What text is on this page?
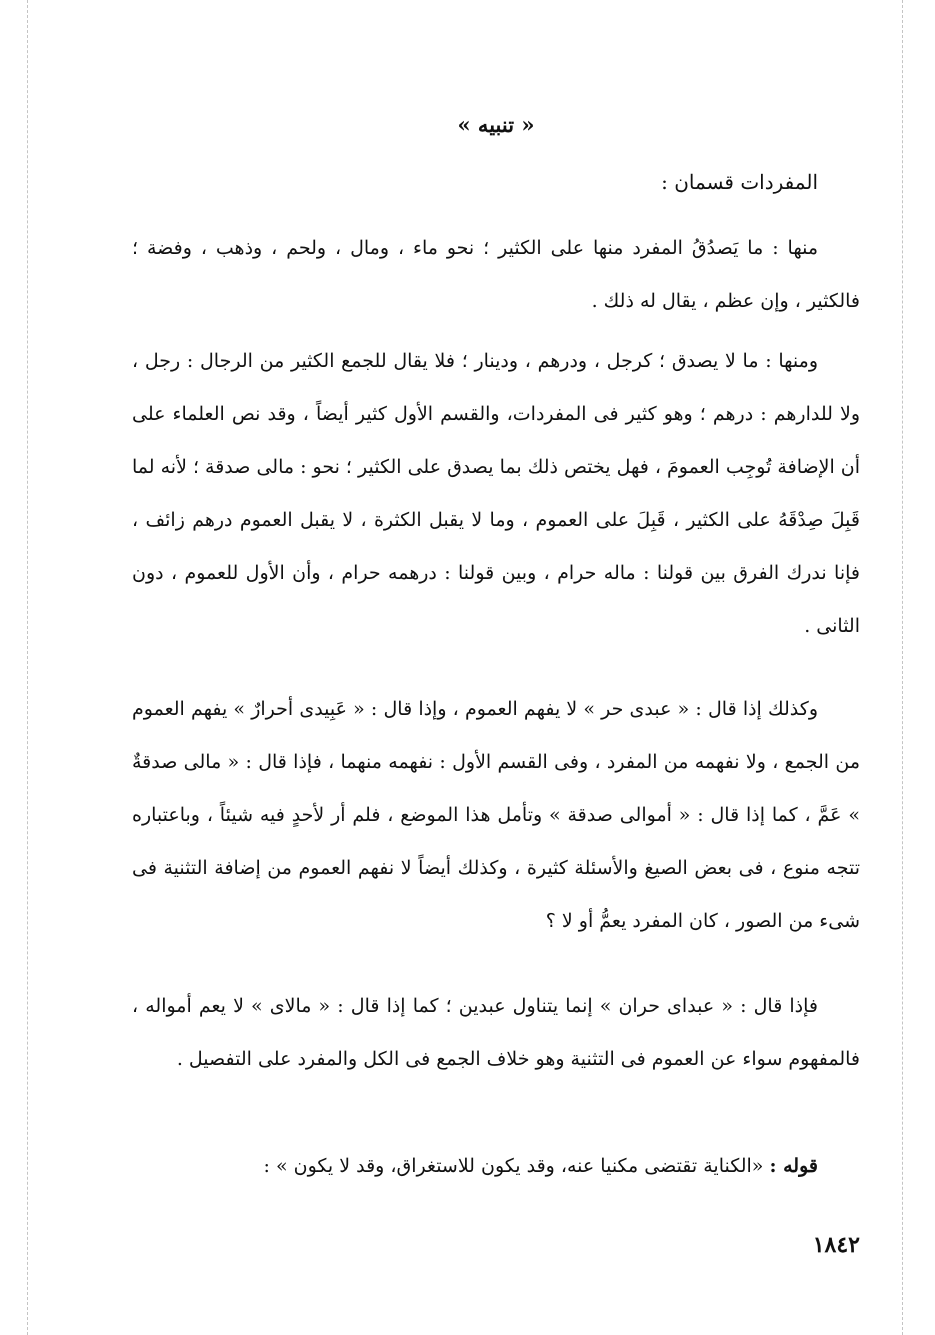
« تنبيه »
المفردات قسمان :

منها : ما يَصدُقُ المفرد منها على الكثير ؛ نحو ماء ، ومال ، ولحم ، وذهب ، وفضة ؛ فالكثير ، وإن عظم ، يقال له ذلك .

ومنها : ما لا يصدق ؛ كرجل ، ودرهم ، ودينار ؛ فلا يقال للجمع الكثير من الرجال : رجل ، ولا للدارهم : درهم ؛ وهو كثير فى المفردات، والقسم الأول كثير أيضاً ، وقد نص العلماء على أن الإضافة تُوجِب العمومَ ، فهل يختص ذلك بما يصدق على الكثير ؛ نحو : مالى صدقة ؛ لأنه لما قَبِلَ صِدْقَهُ على الكثير ، قَبِلَ على العموم ، وما لا يقبل الكثرة ، لا يقبل العموم درهم زائف ، فإنا ندرك الفرق بين قولنا : ماله حرام ، وبين قولنا : درهمه حرام ، وأن الأول للعموم ، دون الثانى .

وكذلك إذا قال : « عبدى حر » لا يفهم العموم ، وإذا قال : « عَبِيدى أحرارٌ » يفهم العموم من الجمع ، ولا نفهمه من المفرد ، وفى القسم الأول : نفهمه منهما ، فإذا قال : « مالى صدقةٌ » عَمَّ ، كما إذا قال : « أموالى صدقة » وتأمل هذا الموضع ، فلم أر لأحدٍ فيه شيئاً ، وباعتباره تتجه منوع ، فى بعض الصيغ والأسئلة كثيرة ، وكذلك أيضاً لا نفهم العموم من إضافة التثنية فى شىء من الصور ، كان المفرد يعمُّ أو لا ؟

فإذا قال : « عبداى حران » إنما يتناول عبدين ؛ كما إذا قال : « مالاى » لا يعم أمواله ، فالمفهوم سواء عن العموم فى التثنية وهو خلاف الجمع فى الكل والمفرد على التفصيل .

قوله : «الكناية تقتضى مكنيا عنه، وقد يكون للاستغراق، وقد لا يكون » :

١٨٤٢
